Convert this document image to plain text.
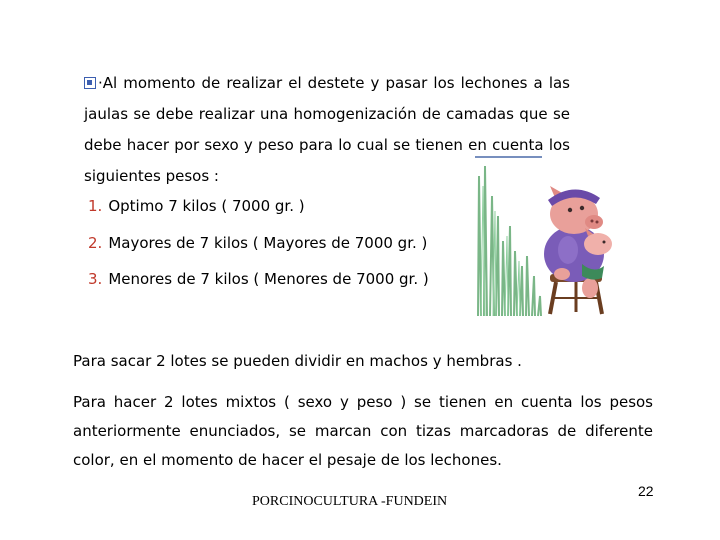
·Al momento de realizar el destete y pasar los lechones a las jaulas se debe realizar una homogenización de camadas que se debe hacer por sexo y peso para lo cual se tienen en cuenta los siguientes pesos :
1. Optimo 7 kilos ( 7000 gr. )
2. Mayores de 7 kilos ( Mayores de 7000 gr. )
3. Menores de 7 kilos ( Menores de 7000 gr. )
Para sacar 2 lotes se pueden dividir en machos y hembras .
Para hacer 2 lotes mixtos ( sexo y peso ) se tienen en cuenta los pesos anteriormente enunciados, se marcan con tizas marcadoras de diferente color, en el momento de hacer el pesaje de los lechones.
PORCINOCULTURA -FUNDEIN
22
